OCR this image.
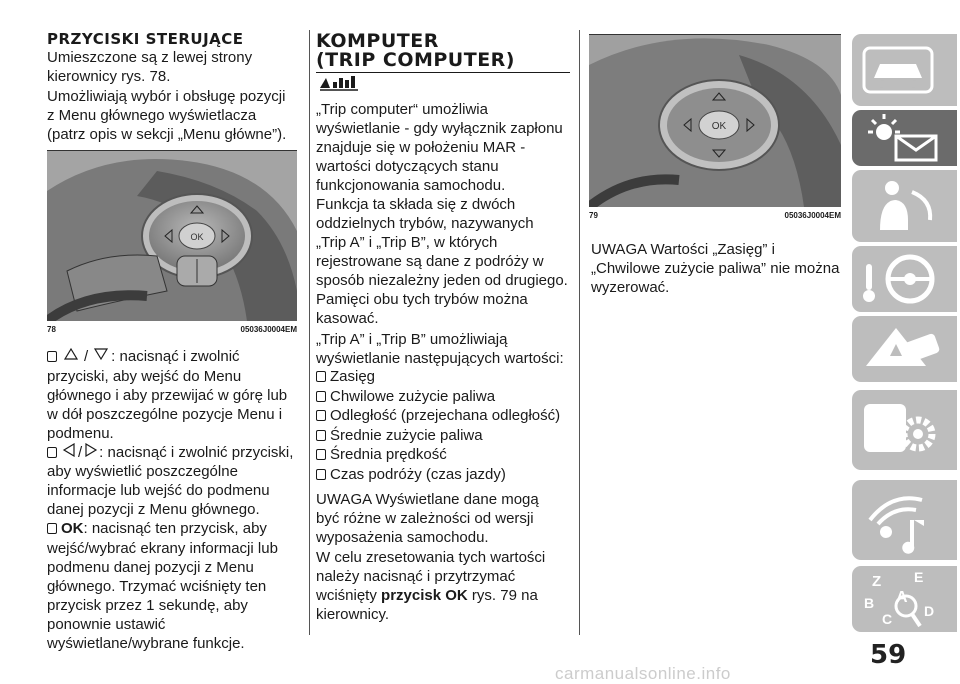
PRZYCISKI STERUJĄCE

Umieszczone są z lewej strony kierownicy rys. 78.

Umożliwiają wybór i obsługę pozycji z Menu głównego wyświetlacza (patrz opis w sekcji „Menu główne”).

OK
78	05036J0004EM
/ : nacisnąć i zwolnić

przyciski, aby wejść do Menu głównego i aby przewijać w górę lub w dół poszczególne pozycje Menu i podmenu.

/ : nacisnąć i zwolnić przyciski,

aby wyświetlić poszczególne informacje lub wejść do podmenu danej pozycji z Menu głównego.

OK : nacisnąć ten przycisk, aby

wejść/wybrać ekrany informacji lub podmenu danej pozycji z Menu głównego. Trzymać wciśnięty ten przycisk przez 1 sekundę, aby ponownie ustawić wyświetlane/wybrane funkcje.

KOMPUTER
(TRIP COMPUTER)

„Trip computer“ umożliwia wyświetlanie - gdy wyłącznik zapłonu znajduje się w położeniu MAR - wartości dotyczących stanu funkcjonowania samochodu.

Funkcja ta składa się z dwóch oddzielnych trybów, nazywanych „Trip A” i „Trip B”, w których rejestrowane są dane z podróży w sposób niezależny jeden od drugiego.

Pamięci obu tych trybów można kasować.

„Trip A” i „Trip B” umożliwiają wyświetlanie następujących wartości:

Zasięg
Chwilowe zużycie paliwa
Odległość (przejechana odległość)
Średnie zużycie paliwa
Średnia prędkość
Czas podróży (czas jazdy)

UWAGA Wyświetlane dane mogą być różne w zależności od wersji wyposażenia samochodu.

W celu zresetowania tych wartości należy nacisnąć i przytrzymać wciśnięty przycisk OK rys. 79 na kierownicy.

OK
79	05036J0004EM

UWAGA Wartości „Zasięg” i „Chwilowe zużycie paliwa” nie można wyzerować.

Z E
A
B
C D
59
carmanualsonline.info
